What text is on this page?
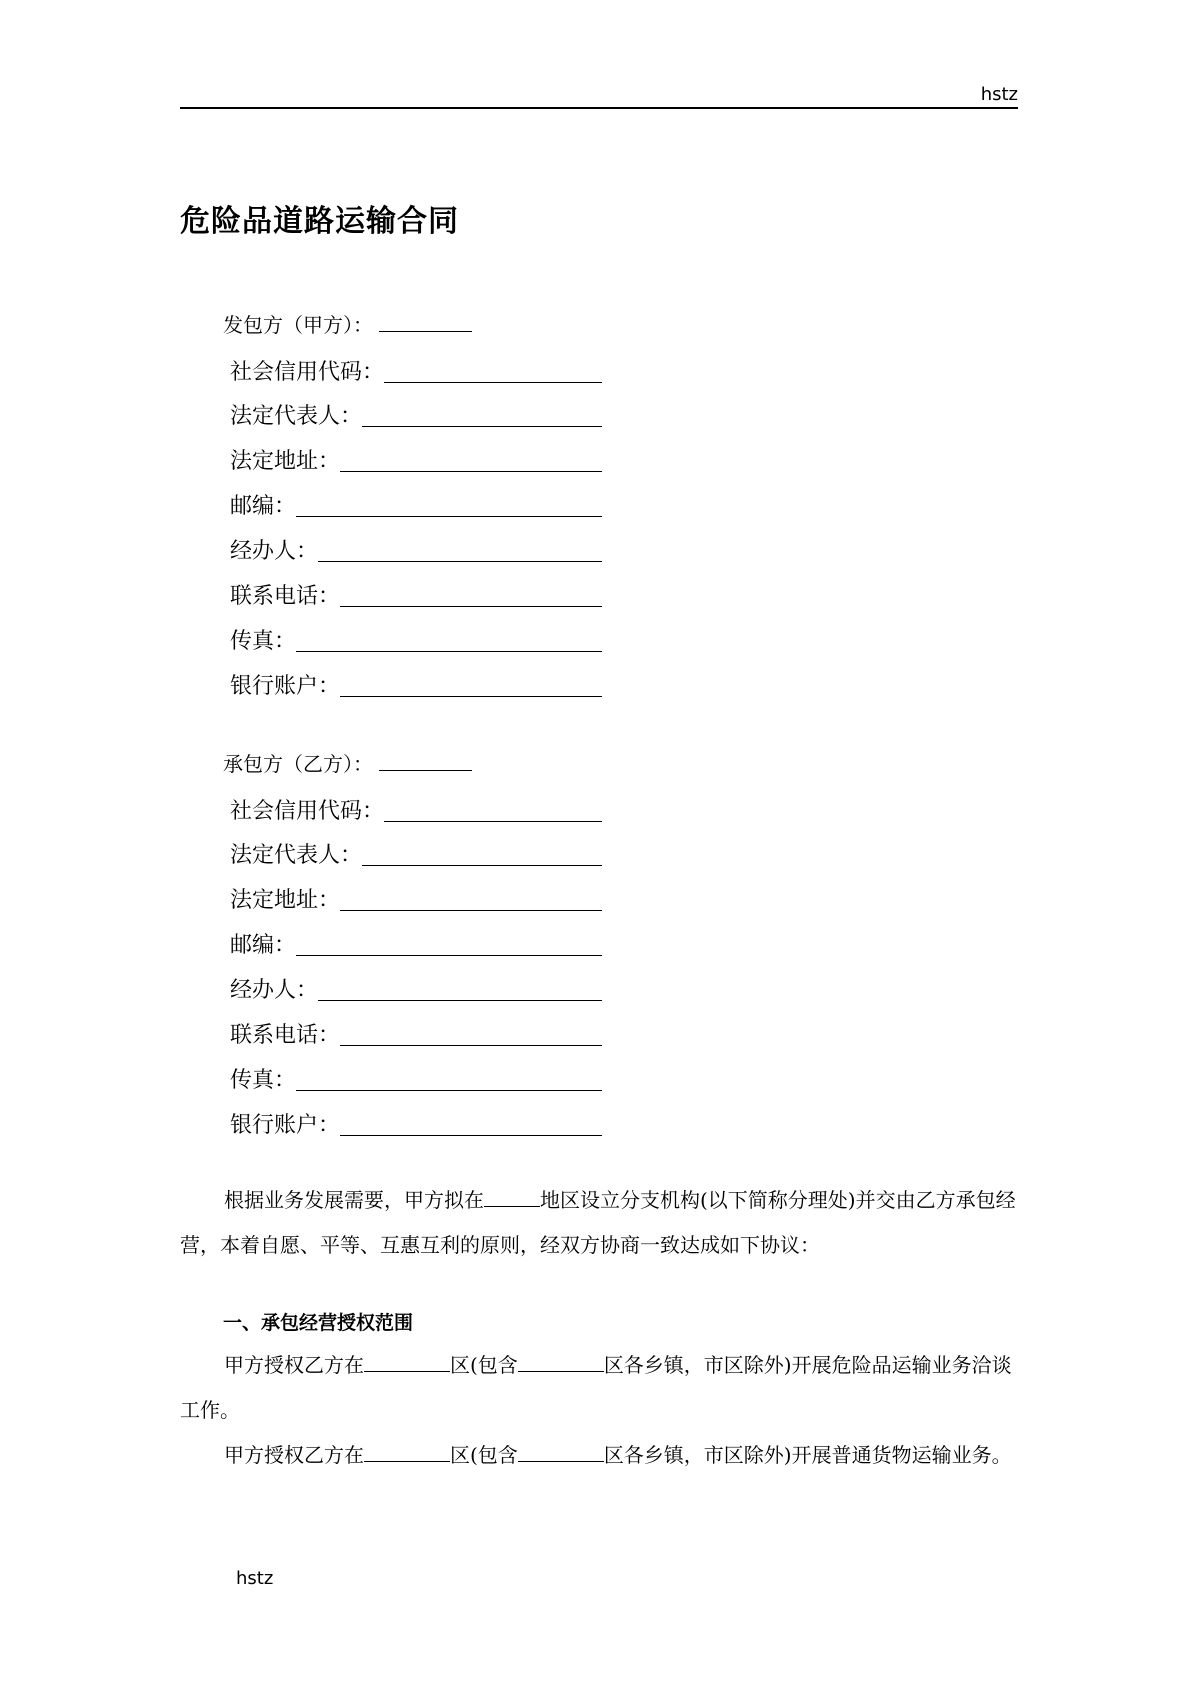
hstz
危险品道路运输合同
发包方（甲方）：
社会信用代码：
法定代表人：
法定地址：
邮编：
经办人：
联系电话：
传真：
银行账户：
承包方（乙方）：
社会信用代码：
法定代表人：
法定地址：
邮编：
经办人：
联系电话：
传真：
银行账户：
根据业务发展需要，甲方拟在	地区设立分支机构(以下简称分理处)并交由乙方承包经营，本着自愿、平等、互惠互利的原则，经双方协商一致达成如下协议：
一、承包经营授权范围
甲方授权乙方在	区(包含	区各乡镇，市区除外)开展危险品运输业务洽谈工作。
甲方授权乙方在	区(包含	区各乡镇，市区除外)开展普通货物运输业务。
hstz
